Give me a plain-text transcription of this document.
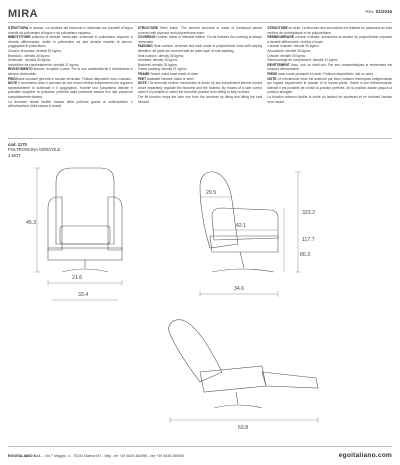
MIRA	Rev. 01/2016

STRUTTURA in acciaio. La struttura del bracciolo è realizzata con pannelli di legno rivestiti da poliuretano di legno e da poliuretano espanso.

IMBOTTITURE poltrona di densità medio-alta, schienale in poliuretano espanso a densità differenziata, sedile in poliuretano ad alta densità rivestito di dacron, poggiapiedi in poliuretano.

Cuscino di seduta: densità 30 kg/mc.

Bracciolo - densità 30 kg/mc.

Schienale - densità 30 kg/mc.

Imbottiture da completamento: densità 21 kg/mc.

RIVESTIMENTO tessuto, ecopelle o pelle. Per le sue caratteristiche il rivestimento è sempre sfoderabile.

PIEDI base circolare girevole in acciaio verniciato. Finiture disponibili: nero o acciaio.

NOTE Il movimento relax è azionato da due motori elettrici indipendenti che regolano separatamente lo schienale e il poggiapiedi. Tramite una pulsantiera laterale è possibile scegliere la posizione preferita dalla posizione seduta fino alla posizione completamente distesa.

La funzione alzata facilita l'alzata della poltrona grazie al sollevamento e all'inclinazione della seduta in avanti.

STRUCTURE Steel frame. The armrest structure is made of hardwood panels covered with plywood and polyurethane foam.

COVERING Leather, fabric or imitation leather. For its features the covering is always removable.

PADDING Seat cushion, armrests and back made of polyurethane foam with varying densities. All parts are covered with an outer layer of soft wadding.

Seat cushion: density 30 kg/mc.

Armrests: density 30 kg/mc.

Backrest: density 30 kg/mc.

Frame padding: density 21 kg/mc.

FRAME Swivel round base made of steel.

FEET Available finishes: black or steel.

NOTE The armchair recliner mechanism is driven by two independent electric motors which separately regulate the backrest and the footrest. By means of a side control panel it is possible to select the favourite position from sitting to fully reclined.

The lift function helps the user rise from the armchair by lifting and tilting the seat forward.

STRUCTURE en acier. La structure des accoudoirs est réalisée en panneaux de bois revêtus de contreplaqué et de polyuréthane.

REMBOURRAGE coussin d'assise, accoudoirs et dossier en polyuréthane expansé à densité différenciée, revêtus d'ouate.

Coussin d'assise: densité 30 kg/mc.

Accoudoirs: densité 30 kg/mc.

Dossier: densité 30 kg/mc.

Rembourrage de complément: densité 21 kg/mc.

REVÊTEMENT tissu, cuir ou simili-cuir. Par ses caractéristiques le revêtement est toujours déhoussable.

PIEDS base ronde pivotante en acier. Finitions disponibles: noir ou acier.

NOTE Le mécanisme relax est actionné par deux moteurs électriques indépendants qui règlent séparément le dossier et le repose-pieds. Grâce à une télécommande latérale il est possible de choisir la position préférée, de la position assise jusqu'à la position allongée.

La fonction releveur facilite la sortie du fauteuil en soulevant et en inclinant l'assise vers l'avant.

cod. 1170
POLTRONCINA GIREVOLE
2 MOT.
45.3
21.6
33.4
20.5
42.1
323.2
117.7
34.6
86.3
63.8
EGOITALIANO S.r.l. - Via I° Maggio, 4 - 75100 Matera MT - Italy - tel +39 0835 382696 - fax +39 0835 269654	egoitaliano.com
